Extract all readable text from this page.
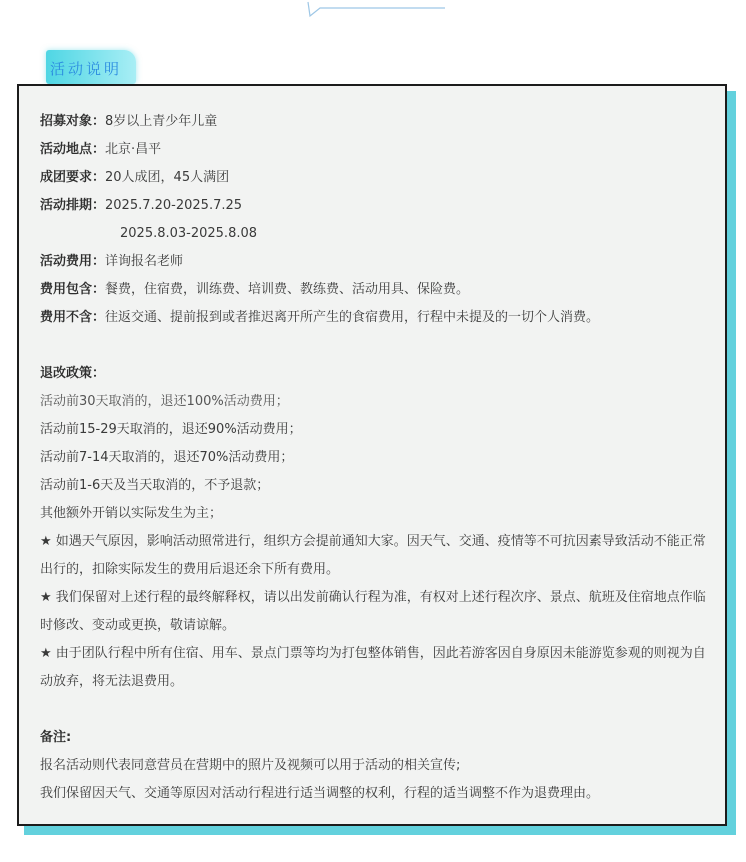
活动说明
招募对象：8岁以上青少年儿童
活动地点：北京·昌平
成团要求：20人成团，45人满团
活动排期：2025.7.20-2025.7.25
2025.8.03-2025.8.08
活动费用：详询报名老师
费用包含：餐费，住宿费，训练费、培训费、教练费、活动用具、保险费。
费用不含：往返交通、提前报到或者推迟离开所产生的食宿费用，行程中未提及的一切个人消费。
退改政策：
活动前30天取消的，退还100%活动费用；
活动前15-29天取消的，退还90%活动费用；
活动前7-14天取消的，退还70%活动费用；
活动前1-6天及当天取消的，不予退款；
其他额外开销以实际发生为主；
★ 如遇天气原因，影响活动照常进行，组织方会提前通知大家。因天气、交通、疫情等不可抗因素导致活动不能正常出行的，扣除实际发生的费用后退还余下所有费用。
★ 我们保留对上述行程的最终解释权，请以出发前确认行程为准，有权对上述行程次序、景点、航班及住宿地点作临时修改、变动或更换，敬请谅解。
★ 由于团队行程中所有住宿、用车、景点门票等均为打包整体销售，因此若游客因自身原因未能游览参观的则视为自动放弃，将无法退费用。
备注:
报名活动则代表同意营员在营期中的照片及视频可以用于活动的相关宣传;
我们保留因天气、交通等原因对活动行程进行适当调整的权利，行程的适当调整不作为退费理由。
